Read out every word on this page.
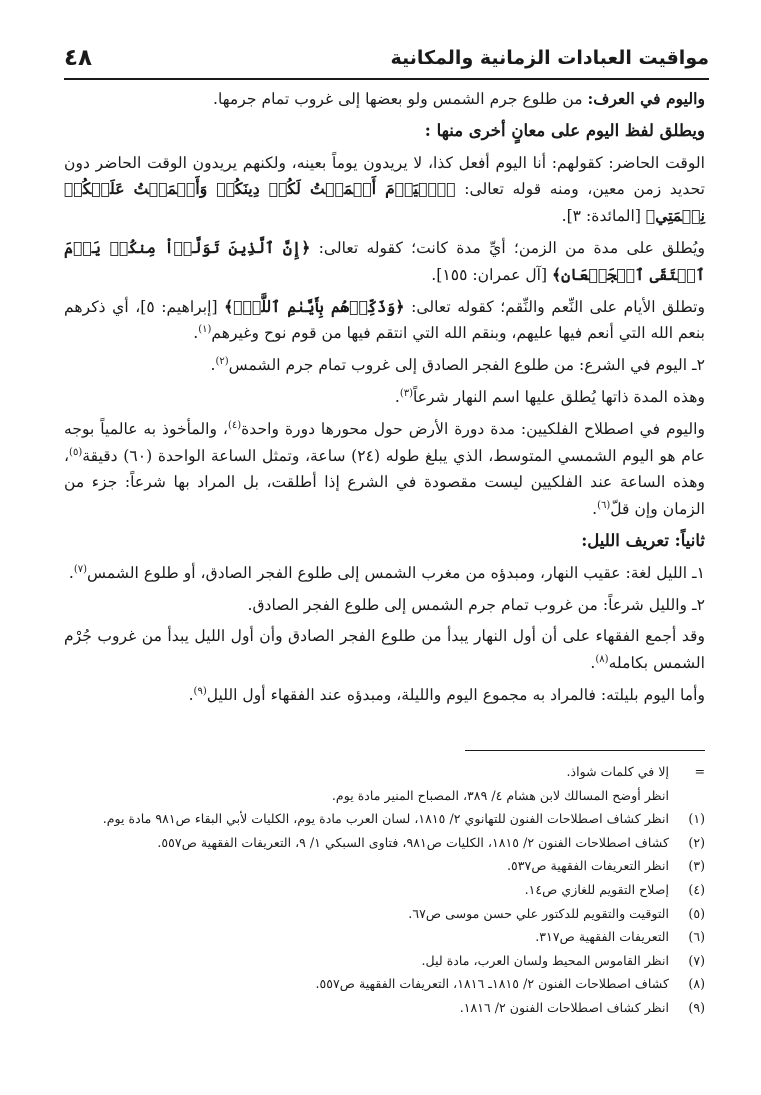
مواقيت العبادات الزمانية والمكانية
٤٨

واليوم في العرف: من طلوع جرم الشمس ولو بعضها إلى غروب تمام جرمها.

ويطلق لفظ اليوم على معانٍ أخرى منها :

الوقت الحاضر: كقولهم: أنا اليوم أفعل كذا، لا يريدون يوماً بعينه، ولكنهم يريدون الوقت الحاضر دون تحديد زمن معين، ومنه قوله تعالى: ﴿ٱلۡيَوۡمَ أَكۡمَلۡتُ لَكُمۡ دِينَكُمۡ وَأَتۡمَمۡتُ عَلَيۡكُمۡ نِعۡمَتِي﴾ [المائدة: ٣].

ويُطلق على مدة من الزمن؛ أيِّ مدة كانت؛ كقوله تعالى: ﴿إِنَّ ٱلَّذِينَ تَوَلَّوۡاْ مِنكُمۡ يَوۡمَ ٱلۡتَقَى ٱلۡجَمۡعَانِ﴾ [آل عمران: ١٥٥].

وتطلق الأيام على النِّعم والنِّقم؛ كقوله تعالى: ﴿وَذَكِّرۡهُم بِأَيَّىٰمِ ٱللَّهِۚ﴾ [إبراهيم: ٥]، أي ذكرهم بنعم الله التي أنعم فيها عليهم، وبنقم الله التي انتقم فيها من قوم نوح وغيرهم$^{(١)}$.

٢ـ اليوم في الشرع: من طلوع الفجر الصادق إلى غروب تمام جرم الشمس$^{(٢)}$.

وهذه المدة ذاتها يُطلق عليها اسم النهار شرعاً$^{(٣)}$.

واليوم في اصطلاح الفلكيين: مدة دورة الأرض حول محورها دورة واحدة$^{(٤)}$، والمأخوذ به عالمياً بوجه عام هو اليوم الشمسي المتوسط، الذي يبلغ طوله (٢٤) ساعة، وتمثل الساعة الواحدة (٦٠) دقيقة$^{(٥)}$، وهذه الساعة عند الفلكيين ليست مقصودة في الشرع إذا أطلقت، بل المراد بها شرعاً: جزء من الزمان وإن قلّ$^{(٦)}$.

ثانياً: تعريف الليل:

١ـ الليل لغة: عقيب النهار، ومبدؤه من مغرب الشمس إلى طلوع الفجر الصادق، أو طلوع الشمس$^{(٧)}$.

٢ـ والليل شرعاً: من غروب تمام جرم الشمس إلى طلوع الفجر الصادق.

وقد أجمع الفقهاء على أن أول النهار يبدأ من طلوع الفجر الصادق وأن أول الليل يبدأ من غروب جُرْم الشمس بكامله$^{(٨)}$.

وأما اليوم بليلته: فالمراد به مجموع اليوم والليلة، ومبدؤه عند الفقهاء أول الليل$^{(٩)}$.

=
إلا في كلمات شواذ.
انظر أوضح المسالك لابن هشام ٤/ ٣٨٩، المصباح المنير مادة يوم.
(١)
انظر كشاف اصطلاحات الفنون للتهانوي ٢/ ١٨١٥، لسان العرب مادة يوم، الكليات لأبي البقاء ص٩٨١ مادة يوم.
(٢)
كشاف اصطلاحات الفنون ٢/ ١٨١٥، الكليات ص٩٨١، فتاوى السبكي ١/ ٩، التعريفات الفقهية ص٥٥٧.
(٣)
انظر التعريفات الفقهية ص٥٣٧.
(٤)
إصلاح التقويم للغازي ص١٤.
(٥)
التوقيت والتقويم للدكتور علي حسن موسى ص٦٧.
(٦)
التعريفات الفقهية ص٣١٧.
(٧)
انظر القاموس المحيط ولسان العرب، مادة ليل.
(٨)
كشاف اصطلاحات الفنون ٢/ ١٨١٥ـ ١٨١٦، التعريفات الفقهية ص٥٥٧.
(٩)
انظر كشاف اصطلاحات الفنون ٢/ ١٨١٦.
